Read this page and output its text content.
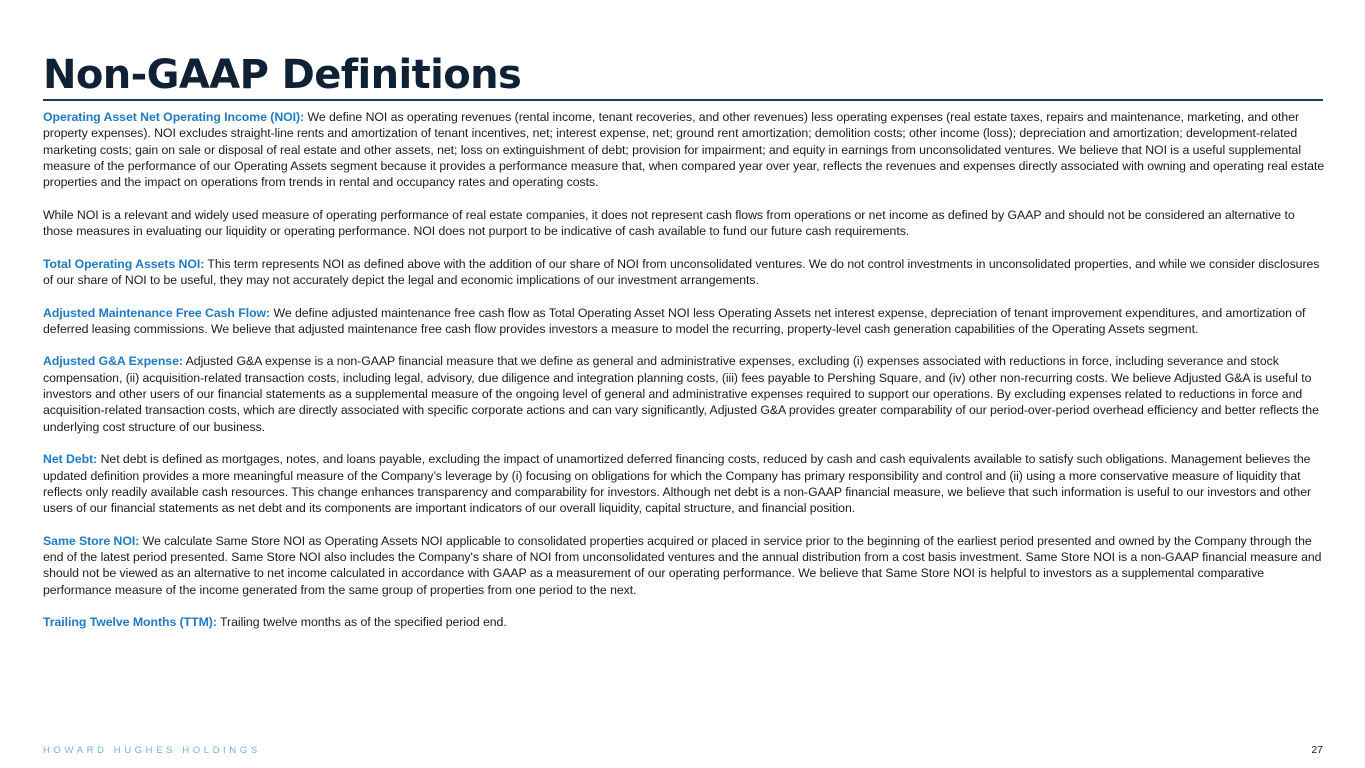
Non-GAAP Definitions

Operating Asset Net Operating Income (NOI): We define NOI as operating revenues (rental income, tenant recoveries, and other revenues) less operating expenses (real estate taxes, repairs and maintenance, marketing, and other property expenses). NOI excludes straight-line rents and amortization of tenant incentives, net; interest expense, net; ground rent amortization; demolition costs; other income (loss); depreciation and amortization; development-related marketing costs; gain on sale or disposal of real estate and other assets, net; loss on extinguishment of debt; provision for impairment; and equity in earnings from unconsolidated ventures. We believe that NOI is a useful supplemental measure of the performance of our Operating Assets segment because it provides a performance measure that, when compared year over year, reflects the revenues and expenses directly associated with owning and operating real estate properties and the impact on operations from trends in rental and occupancy rates and operating costs.

While NOI is a relevant and widely used measure of operating performance of real estate companies, it does not represent cash flows from operations or net income as defined by GAAP and should not be considered an alternative to those measures in evaluating our liquidity or operating performance. NOI does not purport to be indicative of cash available to fund our future cash requirements.

Total Operating Assets NOI: This term represents NOI as defined above with the addition of our share of NOI from unconsolidated ventures. We do not control investments in unconsolidated properties, and while we consider disclosures of our share of NOI to be useful, they may not accurately depict the legal and economic implications of our investment arrangements.

Adjusted Maintenance Free Cash Flow: We define adjusted maintenance free cash flow as Total Operating Asset NOI less Operating Assets net interest expense, depreciation of tenant improvement expenditures, and amortization of deferred leasing commissions. We believe that adjusted maintenance free cash flow provides investors a measure to model the recurring, property-level cash generation capabilities of the Operating Assets segment.

Adjusted G&A Expense: Adjusted G&A expense is a non-GAAP financial measure that we define as general and administrative expenses, excluding (i) expenses associated with reductions in force, including severance and stock compensation, (ii) acquisition-related transaction costs, including legal, advisory, due diligence and integration planning costs, (iii) fees payable to Pershing Square, and (iv) other non-recurring costs. We believe Adjusted G&A is useful to investors and other users of our financial statements as a supplemental measure of the ongoing level of general and administrative expenses required to support our operations. By excluding expenses related to reductions in force and acquisition-related transaction costs, which are directly associated with specific corporate actions and can vary significantly, Adjusted G&A provides greater comparability of our period-over-period overhead efficiency and better reflects the underlying cost structure of our business.

Net Debt: Net debt is defined as mortgages, notes, and loans payable, excluding the impact of unamortized deferred financing costs, reduced by cash and cash equivalents available to satisfy such obligations. Management believes the updated definition provides a more meaningful measure of the Company’s leverage by (i) focusing on obligations for which the Company has primary responsibility and control and (ii) using a more conservative measure of liquidity that reflects only readily available cash resources. This change enhances transparency and comparability for investors. Although net debt is a non-GAAP financial measure, we believe that such information is useful to our investors and other users of our financial statements as net debt and its components are important indicators of our overall liquidity, capital structure, and financial position.

Same Store NOI: We calculate Same Store NOI as Operating Assets NOI applicable to consolidated properties acquired or placed in service prior to the beginning of the earliest period presented and owned by the Company through the end of the latest period presented. Same Store NOI also includes the Company's share of NOI from unconsolidated ventures and the annual distribution from a cost basis investment. Same Store NOI is a non-GAAP financial measure and should not be viewed as an alternative to net income calculated in accordance with GAAP as a measurement of our operating performance. We believe that Same Store NOI is helpful to investors as a supplemental comparative performance measure of the income generated from the same group of properties from one period to the next.

Trailing Twelve Months (TTM): Trailing twelve months as of the specified period end.

HOWARD HUGHES HOLDINGS	27
